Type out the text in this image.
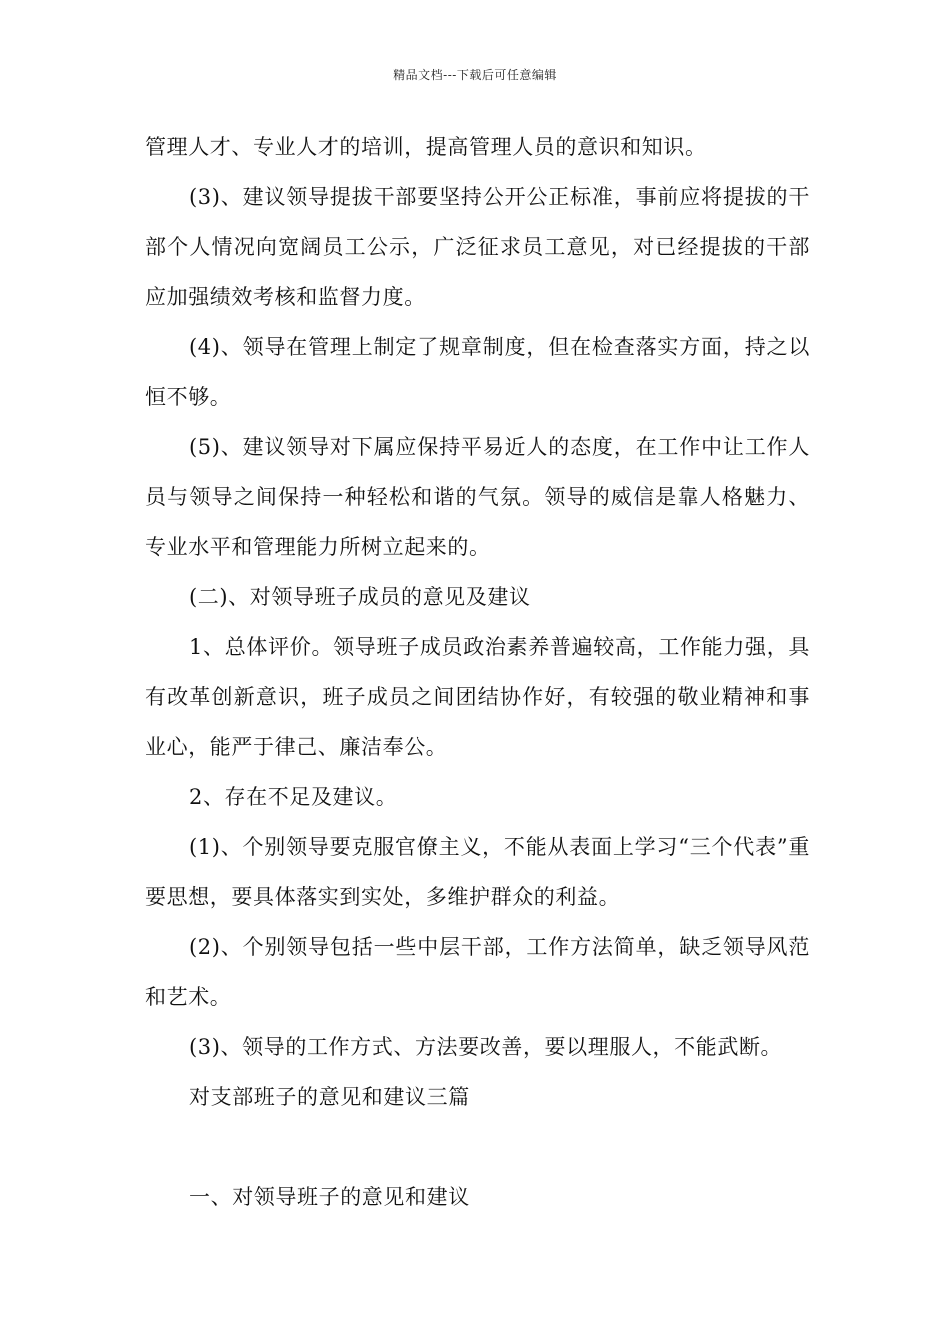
精品文档---下载后可任意编辑

管理人才、专业人才的培训，提高管理人员的意识和知识。

(3)、建议领导提拔干部要坚持公开公正标准，事前应将提拔的干部个人情况向宽阔员工公示，广泛征求员工意见，对已经提拔的干部应加强绩效考核和监督力度。

(4)、领导在管理上制定了规章制度，但在检查落实方面，持之以恒不够。

(5)、建议领导对下属应保持平易近人的态度，在工作中让工作人员与领导之间保持一种轻松和谐的气氛。领导的威信是靠人格魅力、专业水平和管理能力所树立起来的。

(二)、对领导班子成员的意见及建议

1、总体评价。领导班子成员政治素养普遍较高，工作能力强，具有改革创新意识，班子成员之间团结协作好，有较强的敬业精神和事业心，能严于律己、廉洁奉公。

2、存在不足及建议。

(1)、个别领导要克服官僚主义，不能从表面上学习“三个代表”重要思想，要具体落实到实处，多维护群众的利益。

(2)、个别领导包括一些中层干部，工作方法简单，缺乏领导风范和艺术。

(3)、领导的工作方式、方法要改善，要以理服人，不能武断。

对支部班子的意见和建议三篇

一、对领导班子的意见和建议
